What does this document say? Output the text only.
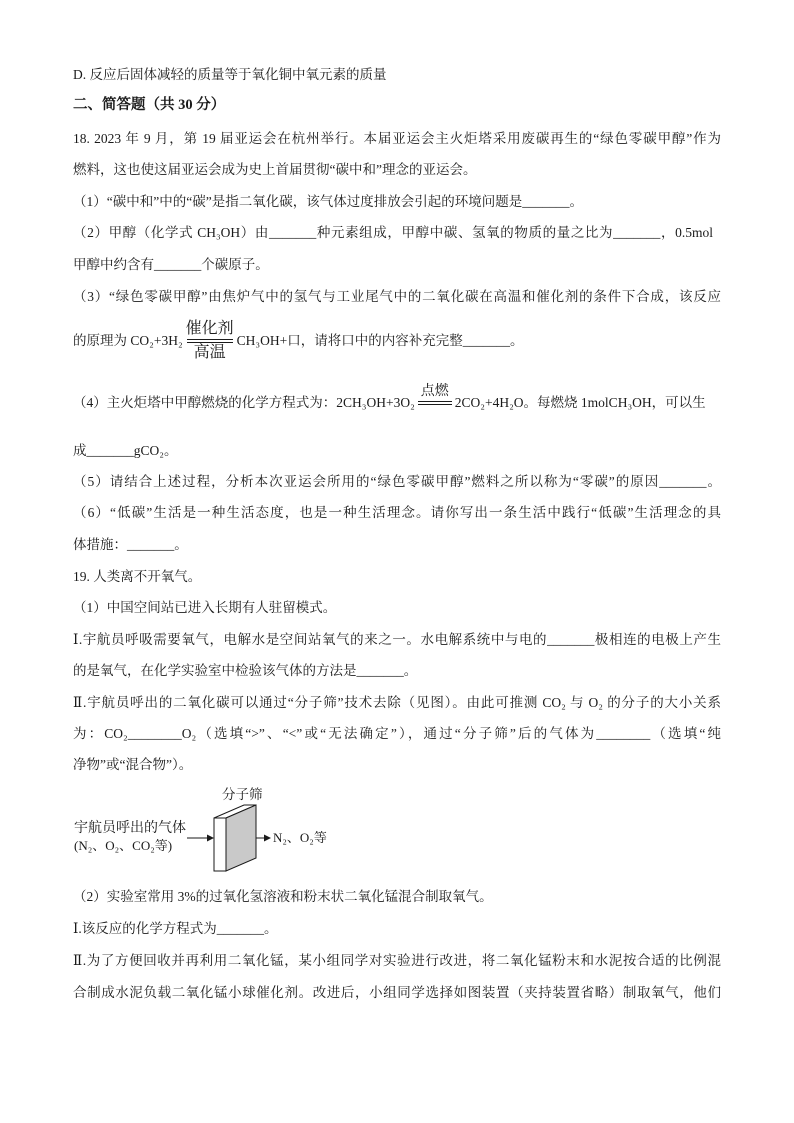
D. 反应后固体减轻的质量等于氧化铜中氧元素的质量
二、简答题（共 30 分）
18. 2023 年 9 月，第 19 届亚运会在杭州举行。本届亚运会主火炬塔采用废碳再生的“绿色零碳甲醇”作为
燃料，这也使这届亚运会成为史上首届贯彻“碳中和”理念的亚运会。
（1）“碳中和”中的“碳”是指二氧化碳，该气体过度排放会引起的环境问题是_______。
（2）甲醇（化学式 CH₃OH）由_______种元素组成，甲醇中碳、氢氧的物质的量之比为_______，0.5mol
甲醇中约含有_______个碳原子。
（3）“绿色零碳甲醇”由焦炉气中的氢气与工业尾气中的二氧化碳在高温和催化剂的条件下合成，该反应
的原理为 CO₂+3H₂
催化剂
高温
CH₃OH+口，请将口中的内容补充完整_______。
（4）主火炬塔中甲醇燃烧的化学方程式为：2CH₃OH+3O₂
点燃
2CO₂+4H₂O。每燃烧 1molCH₃OH，可以生
成_______gCO₂。
（5）请结合上述过程，分析本次亚运会所用的“绿色零碳甲醇”燃料之所以称为“零碳”的原因_______。
（6）“低碳”生活是一种生活态度，也是一种生活理念。请你写出一条生活中践行“低碳”生活理念的具
体措施：_______。
19. 人类离不开氧气。
（1）中国空间站已进入长期有人驻留模式。
Ⅰ.宇航员呼吸需要氧气，电解水是空间站氧气的来之一。水电解系统中与电的_______极相连的电极上产生
的是氧气，在化学实验室中检验该气体的方法是_______。
Ⅱ.宇航员呼出的二氧化碳可以通过“分子筛”技术去除（见图）。由此可推测 CO₂ 与 O₂ 的分子的大小关系
为：CO₂________O₂（选填“>”、“<”或“无法确定”），通过“分子筛”后的气体为________（选填“纯
净物”或“混合物”）。
分子筛
宇航员呼出的气体
(N₂、O₂、CO₂等)
N₂、O₂等
（2）实验室常用 3%的过氧化氢溶液和粉末状二氧化锰混合制取氧气。
Ⅰ.该反应的化学方程式为_______。
Ⅱ.为了方便回收并再利用二氧化锰，某小组同学对实验进行改进，将二氧化锰粉末和水泥按合适的比例混
合制成水泥负载二氧化锰小球催化剂。改进后，小组同学选择如图装置（夹持装置省略）制取氧气，他们
